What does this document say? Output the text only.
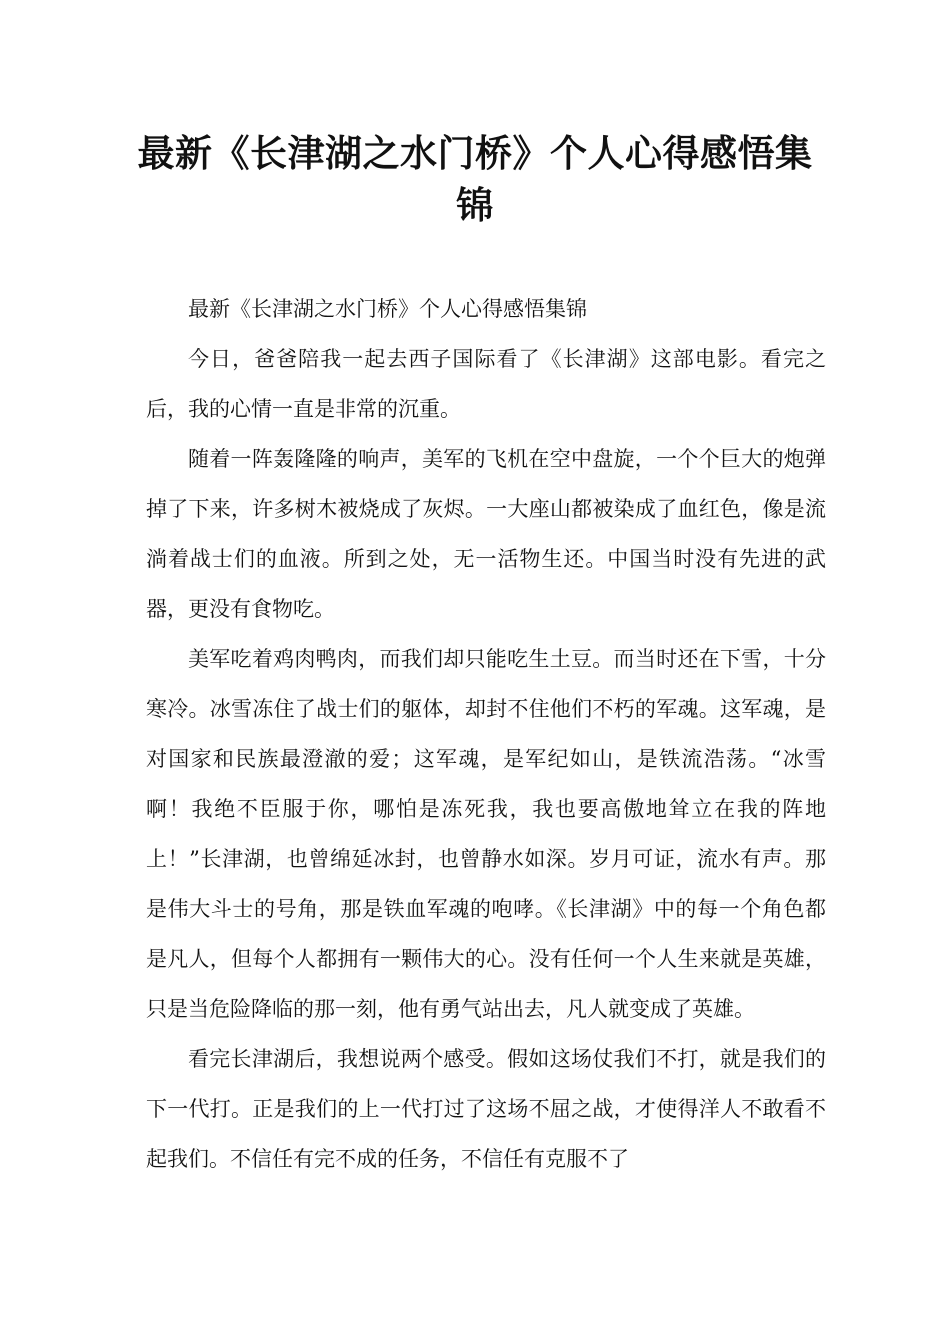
最新《长津湖之水门桥》个人心得感悟集锦

最新《长津湖之水门桥》个人心得感悟集锦

今日，爸爸陪我一起去西子国际看了《长津湖》这部电影。看完之后，我的心情一直是非常的沉重。

随着一阵轰隆隆的响声，美军的飞机在空中盘旋，一个个巨大的炮弹掉了下来，许多树木被烧成了灰烬。一大座山都被染成了血红色，像是流淌着战士们的血液。所到之处，无一活物生还。中国当时没有先进的武器，更没有食物吃。

美军吃着鸡肉鸭肉，而我们却只能吃生土豆。而当时还在下雪，十分寒冷。冰雪冻住了战士们的躯体，却封不住他们不朽的军魂。这军魂，是对国家和民族最澄澈的爱；这军魂，是军纪如山，是铁流浩荡。“冰雪啊！我绝不臣服于你，哪怕是冻死我，我也要高傲地耸立在我的阵地上！”长津湖，也曾绵延冰封，也曾静水如深。岁月可证，流水有声。那是伟大斗士的号角，那是铁血军魂的咆哮。《长津湖》中的每一个角色都是凡人，但每个人都拥有一颗伟大的心。没有任何一个人生来就是英雄，只是当危险降临的那一刻，他有勇气站出去，凡人就变成了英雄。

看完长津湖后，我想说两个感受。假如这场仗我们不打，就是我们的下一代打。正是我们的上一代打过了这场不屈之战，才使得洋人不敢看不起我们。不信任有完不成的任务，不信任有克服不了
